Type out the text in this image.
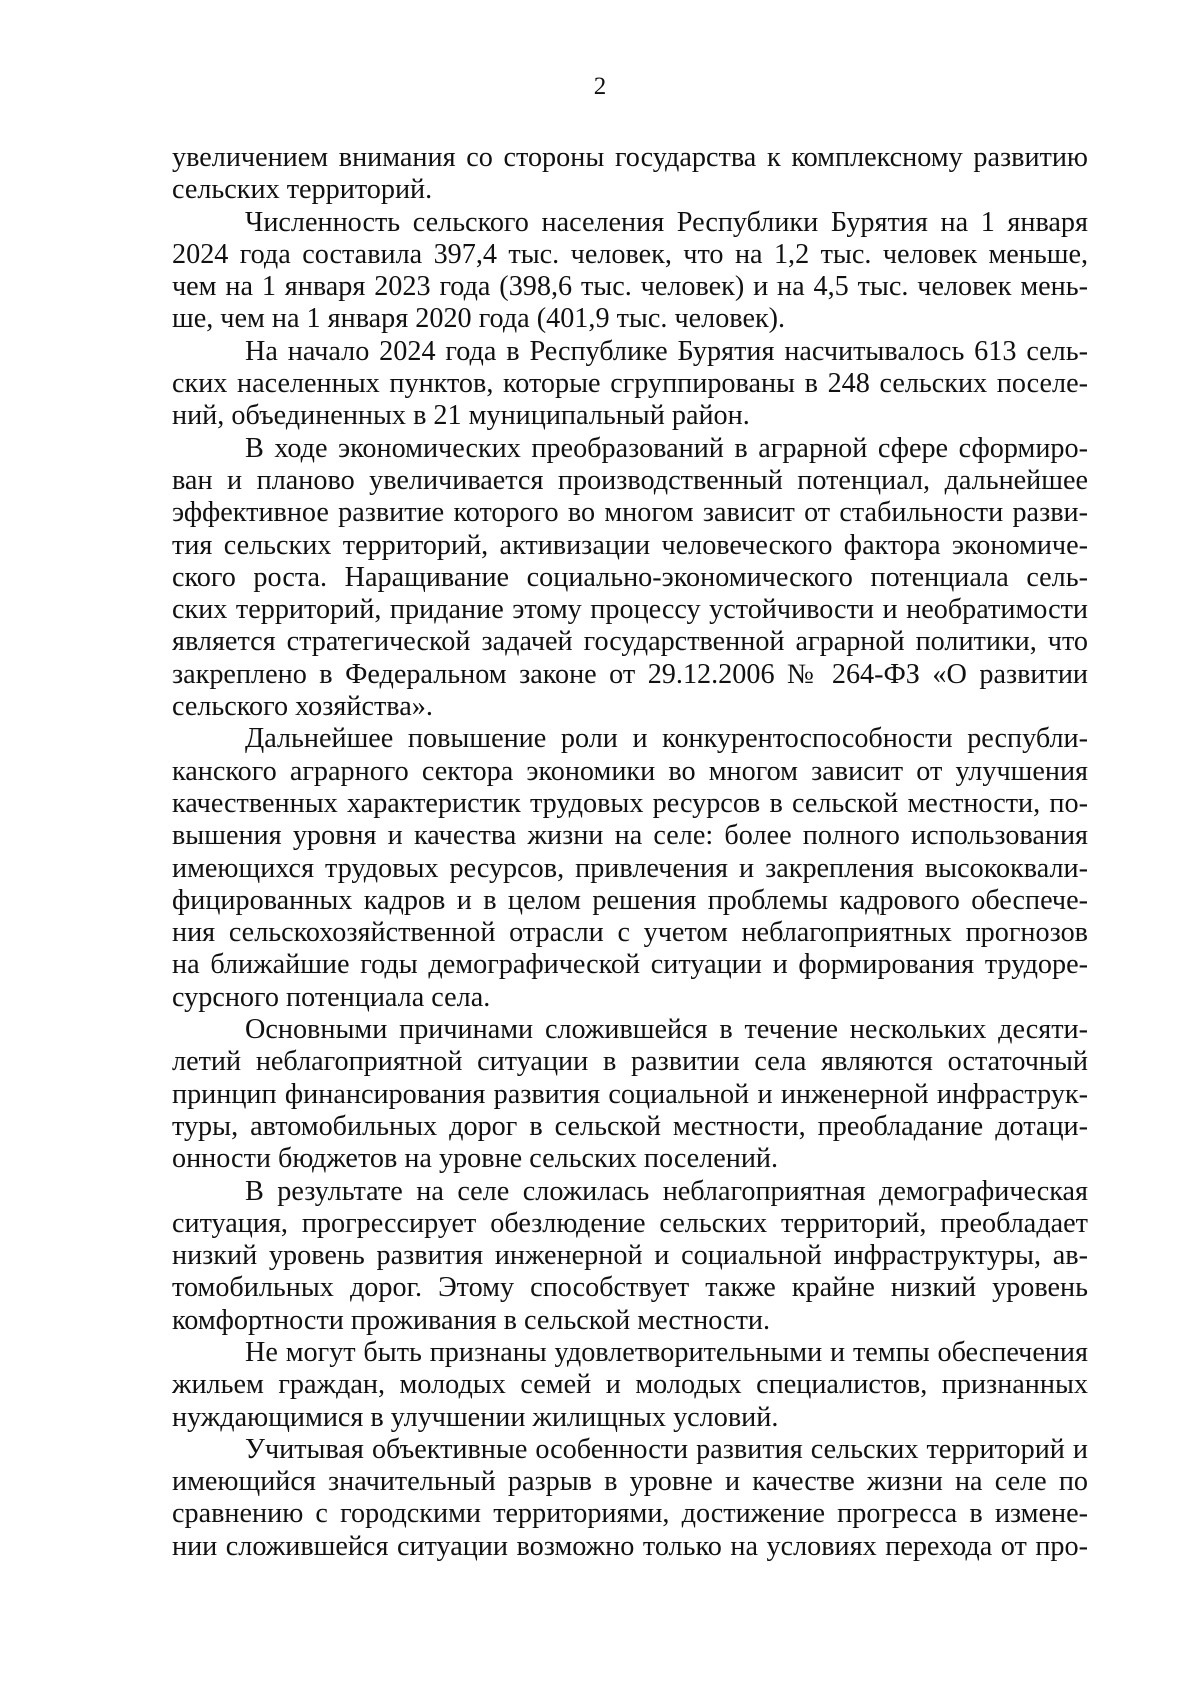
2
увеличением внимания со стороны государства к комплексному развитию
сельских территорий.
Численность сельского населения Республики Бурятия на 1 января
2024 года составила 397,4 тыс. человек, что на 1,2 тыс. человек меньше,
чем на 1 января 2023 года (398,6 тыс. человек) и на 4,5 тыс. человек мень-
ше, чем на 1 января 2020 года (401,9 тыс. человек).
На начало 2024 года в Республике Бурятия насчитывалось 613 сель-
ских населенных пунктов, которые сгруппированы в 248 сельских поселе-
ний, объединенных в 21 муниципальный район.
В ходе экономических преобразований в аграрной сфере сформиро-
ван и планово увеличивается производственный потенциал, дальнейшее
эффективное развитие которого во многом зависит от стабильности разви-
тия сельских территорий, активизации человеческого фактора экономиче-
ского роста. Наращивание социально-экономического потенциала сель-
ских территорий, придание этому процессу устойчивости и необратимости
является стратегической задачей государственной аграрной политики, что
закреплено в Федеральном законе от 29.12.2006 № 264-ФЗ «О развитии
сельского хозяйства».
Дальнейшее повышение роли и конкурентоспособности республи-
канского аграрного сектора экономики во многом зависит от улучшения
качественных характеристик трудовых ресурсов в сельской местности, по-
вышения уровня и качества жизни на селе: более полного использования
имеющихся трудовых ресурсов, привлечения и закрепления высококвали-
фицированных кадров и в целом решения проблемы кадрового обеспече-
ния сельскохозяйственной отрасли с учетом неблагоприятных прогнозов
на ближайшие годы демографической ситуации и формирования трудоре-
сурсного потенциала села.
Основными причинами сложившейся в течение нескольких десяти-
летий неблагоприятной ситуации в развитии села являются остаточный
принцип финансирования развития социальной и инженерной инфраструк-
туры, автомобильных дорог в сельской местности, преобладание дотаци-
онности бюджетов на уровне сельских поселений.
В результате на селе сложилась неблагоприятная демографическая
ситуация, прогрессирует обезлюдение сельских территорий, преобладает
низкий уровень развития инженерной и социальной инфраструктуры, ав-
томобильных дорог. Этому способствует также крайне низкий уровень
комфортности проживания в сельской местности.
Не могут быть признаны удовлетворительными и темпы обеспечения
жильем граждан, молодых семей и молодых специалистов, признанных
нуждающимися в улучшении жилищных условий.
Учитывая объективные особенности развития сельских территорий и
имеющийся значительный разрыв в уровне и качестве жизни на селе по
сравнению с городскими территориями, достижение прогресса в измене-
нии сложившейся ситуации возможно только на условиях перехода от про-
